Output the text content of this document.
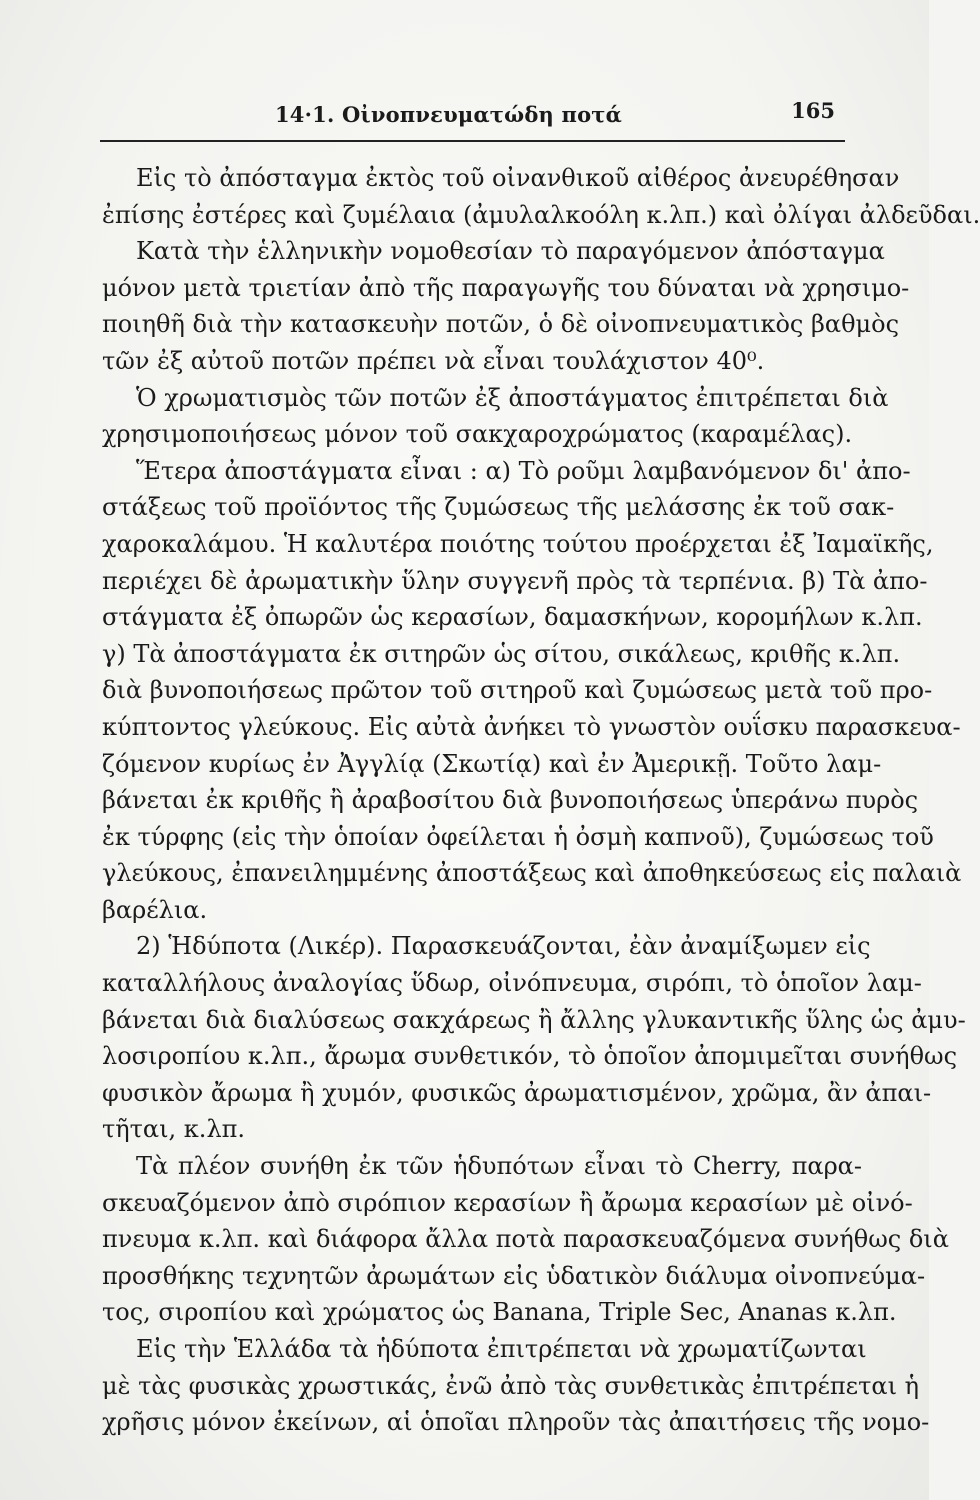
14·1. Οἰνοπνευματώδη ποτά	165
Εἰς τὸ ἀπόσταγμα ἐκτὸς τοῦ οἰνανθικοῦ αἰθέρος ἀνευρέθησαν
ἐπίσης ἐστέρες καὶ ζυμέλαια (ἀμυλαλκοόλη κ.λπ.) καὶ ὀλίγαι ἀλδεῦδαι.
Κατὰ τὴν ἑλληνικὴν νομοθεσίαν τὸ παραγόμενον ἀπόσταγμα
μόνον μετὰ τριετίαν ἀπὸ τῆς παραγωγῆς του δύναται νὰ χρησιμο-
ποιηθῆ διὰ τὴν κατασκευὴν ποτῶν, ὁ δὲ οἰνοπνευματικὸς βαθμὸς
τῶν ἐξ αὐτοῦ ποτῶν πρέπει νὰ εἶναι τουλάχιστον 40⁰.
Ὁ χρωματισμὸς τῶν ποτῶν ἐξ ἀποστάγματος ἐπιτρέπεται διὰ
χρησιμοποιήσεως μόνον τοῦ σακχαροχρώματος (καραμέλας).
Ἕτερα ἀποστάγματα εἶναι : α) Τὸ ροῦμι λαμβανόμενον δι' ἀπο-
στάξεως τοῦ προϊόντος τῆς ζυμώσεως τῆς μελάσσης ἐκ τοῦ σακ-
χαροκαλάμου. Ἡ καλυτέρα ποιότης τούτου προέρχεται ἐξ Ἰαμαϊκῆς,
περιέχει δὲ ἀρωματικὴν ὕλην συγγενῆ πρὸς τὰ τερπένια. β) Τὰ ἀπο-
στάγματα ἐξ ὀπωρῶν ὡς κερασίων, δαμασκήνων, κορομήλων κ.λπ.
γ) Τὰ ἀποστάγματα ἐκ σιτηρῶν ὡς σίτου, σικάλεως, κριθῆς κ.λπ.
διὰ βυνοποιήσεως πρῶτον τοῦ σιτηροῦ καὶ ζυμώσεως μετὰ τοῦ προ-
κύπτοντος γλεύκους. Εἰς αὐτὰ ἀνήκει τὸ γνωστὸν ουΐσκυ παρασκευα-
ζόμενον κυρίως ἐν Ἀγγλίᾳ (Σκωτίᾳ) καὶ ἐν Ἀμερικῇ. Τοῦτο λαμ-
βάνεται ἐκ κριθῆς ἢ ἀραβοσίτου διὰ βυνοποιήσεως ὑπεράνω πυρὸς
ἐκ τύρφης (εἰς τὴν ὁποίαν ὀφείλεται ἡ ὀσμὴ καπνοῦ), ζυμώσεως τοῦ
γλεύκους, ἐπανειλημμένης ἀποστάξεως καὶ ἀποθηκεύσεως εἰς παλαιὰ
βαρέλια.
2) Ἡδύποτα (Λικέρ). Παρασκευάζονται, ἐὰν ἀναμίξωμεν εἰς
καταλλήλους ἀναλογίας ὕδωρ, οἰνόπνευμα, σιρόπι, τὸ ὁποῖον λαμ-
βάνεται διὰ διαλύσεως σακχάρεως ἢ ἄλλης γλυκαντικῆς ὕλης ὡς ἀμυ-
λοσιροπίου κ.λπ., ἄρωμα συνθετικόν, τὸ ὁποῖον ἀπομιμεῖται συνήθως
φυσικὸν ἄρωμα ἢ χυμόν, φυσικῶς ἀρωματισμένον, χρῶμα, ἂν ἀπαι-
τῆται, κ.λπ.
Τὰ πλέον συνήθη ἐκ τῶν ἡδυπότων εἶναι τὸ Cherry, παρα-
σκευαζόμενον ἀπὸ σιρόπιον κερασίων ἢ ἄρωμα κερασίων μὲ οἰνό-
πνευμα κ.λπ. καὶ διάφορα ἄλλα ποτὰ παρασκευαζόμενα συνήθως διὰ
προσθήκης τεχνητῶν ἀρωμάτων εἰς ὑδατικὸν διάλυμα οἰνοπνεύμα-
τος, σιροπίου καὶ χρώματος ὡς Banana, Triple Sec, Ananas κ.λπ.
Εἰς τὴν Ἑλλάδα τὰ ἡδύποτα ἐπιτρέπεται νὰ χρωματίζωνται
μὲ τὰς φυσικὰς χρωστικάς, ἐνῶ ἀπὸ τὰς συνθετικὰς ἐπιτρέπεται ἡ
χρῆσις μόνον ἐκείνων, αἱ ὁποῖαι πληροῦν τὰς ἀπαιτήσεις τῆς νομο-
